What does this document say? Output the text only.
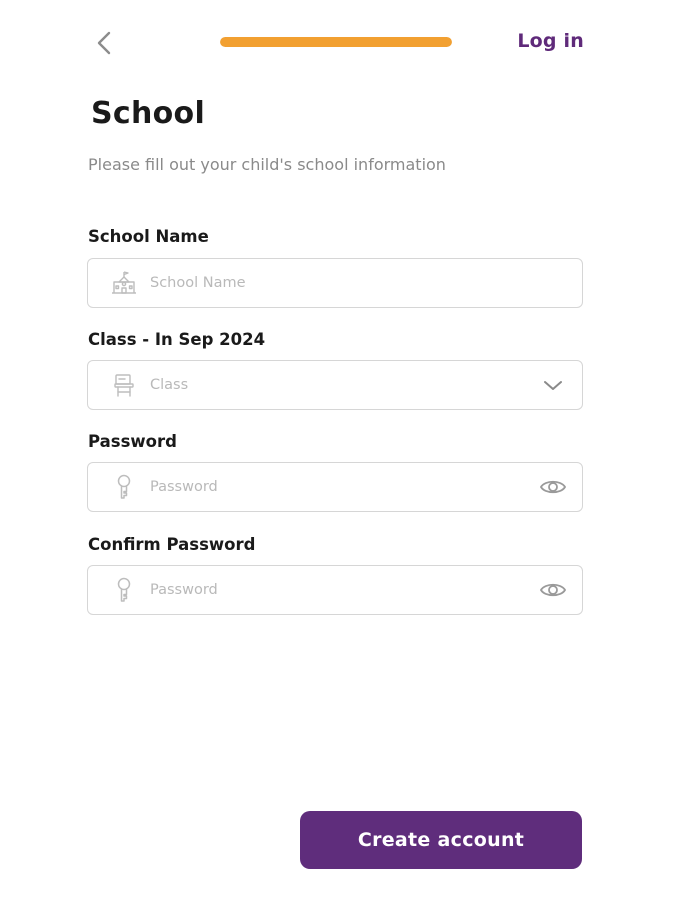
Log in
School
Please fill out your child's school information
School Name
School Name
Class - In Sep 2024
Class
Password
Confirm Password
Create account
